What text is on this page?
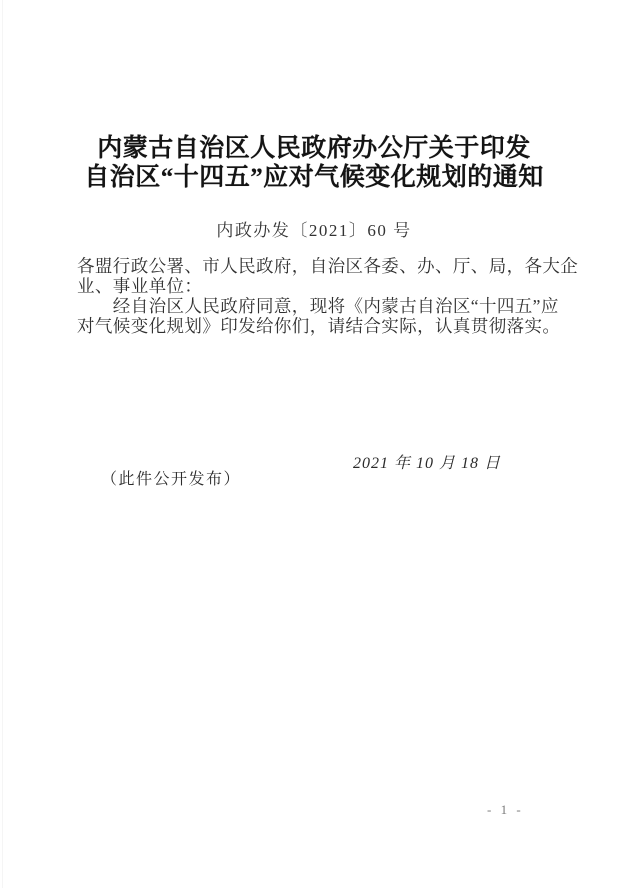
内蒙古自治区人民政府办公厅关于印发
自治区“十四五”应对气候变化规划的通知
内政办发〔2021〕60 号
各盟行政公署、市人民政府，自治区各委、办、厅、局，各大企
业、事业单位：
　　经自治区人民政府同意，现将《内蒙古自治区“十四五”应
对气候变化规划》印发给你们，请结合实际，认真贯彻落实。
2021 年 10 月 18 日
（此件公开发布）
- 1 -
